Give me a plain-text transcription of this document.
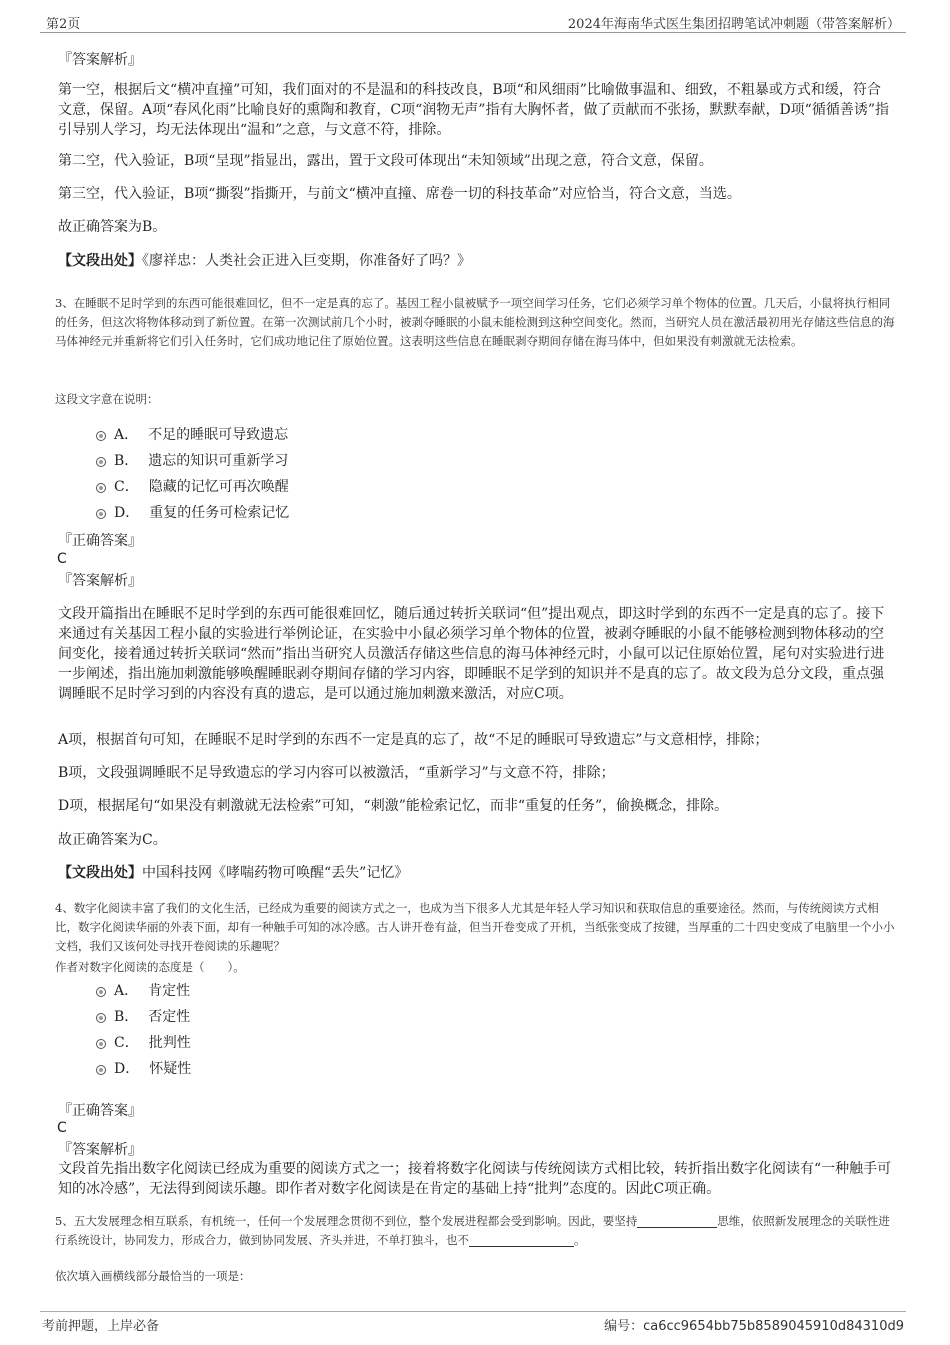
第2页	2024年海南华式医生集团招聘笔试冲刺题（带答案解析）

『答案解析』

第一空，根据后文“横冲直撞”可知，我们面对的不是温和的科技改良，B项“和风细雨”比喻做事温和、细致，不粗暴或方式和缓，符合文意，保留。A项“春风化雨”比喻良好的熏陶和教育，C项“润物无声”指有大胸怀者，做了贡献而不张扬，默默奉献，D项“循循善诱”指引导别人学习，均无法体现出“温和”之意，与文意不符，排除。

第二空，代入验证，B项“呈现”指显出，露出，置于文段可体现出“未知领域”出现之意，符合文意，保留。

第三空，代入验证，B项“撕裂”指撕开，与前文“横冲直撞、席卷一切的科技革命”对应恰当，符合文意，当选。

故正确答案为B。

【文段出处】《廖祥忠：人类社会正进入巨变期，你准备好了吗？》

3、在睡眠不足时学到的东西可能很难回忆，但不一定是真的忘了。基因工程小鼠被赋予一项空间学习任务，它们必须学习单个物体的位置。几天后，小鼠将执行相同的任务，但这次将物体移动到了新位置。在第一次测试前几个小时，被剥夺睡眠的小鼠未能检测到这种空间变化。然而，当研究人员在激活最初用光存储这些信息的海马体神经元并重新将它们引入任务时，它们成功地记住了原始位置。这表明这些信息在睡眠剥夺期间存储在海马体中，但如果没有刺激就无法检索。

这段文字意在说明：

A． 不足的睡眠可导致遗忘
B． 遗忘的知识可重新学习
C． 隐藏的记忆可再次唤醒
D． 重复的任务可检索记忆

『正确答案』

C

『答案解析』

文段开篇指出在睡眠不足时学到的东西可能很难回忆，随后通过转折关联词“但”提出观点，即这时学到的东西不一定是真的忘了。接下来通过有关基因工程小鼠的实验进行举例论证，在实验中小鼠必须学习单个物体的位置，被剥夺睡眠的小鼠不能够检测到物体移动的空间变化，接着通过转折关联词“然而”指出当研究人员激活存储这些信息的海马体神经元时，小鼠可以记住原始位置，尾句对实验进行进一步阐述，指出施加刺激能够唤醒睡眠剥夺期间存储的学习内容，即睡眠不足学到的知识并不是真的忘了。故文段为总分文段，重点强调睡眠不足时学习到的内容没有真的遗忘，是可以通过施加刺激来激活，对应C项。

A项，根据首句可知，在睡眠不足时学到的东西不一定是真的忘了，故“不足的睡眠可导致遗忘”与文意相悖，排除；

B项，文段强调睡眠不足导致遗忘的学习内容可以被激活，“重新学习”与文意不符，排除；

D项，根据尾句“如果没有刺激就无法检索”可知，“刺激”能检索记忆，而非“重复的任务”，偷换概念，排除。

故正确答案为C。

【文段出处】中国科技网《哮喘药物可唤醒“丢失”记忆》

4、数字化阅读丰富了我们的文化生活，已经成为重要的阅读方式之一，也成为当下很多人尤其是年轻人学习知识和获取信息的重要途径。然而，与传统阅读方式相比，数字化阅读华丽的外表下面，却有一种触手可知的冰冷感。古人讲开卷有益，但当开卷变成了开机，当纸张变成了按键，当厚重的二十四史变成了电脑里一个小小文档，我们又该何处寻找开卷阅读的乐趣呢？

作者对数字化阅读的态度是（　　）。

A． 肯定性
B． 否定性
C． 批判性
D． 怀疑性

『正确答案』

C

『答案解析』

文段首先指出数字化阅读已经成为重要的阅读方式之一；接着将数字化阅读与传统阅读方式相比较，转折指出数字化阅读有“一种触手可知的冰冷感”，无法得到阅读乐趣。即作者对数字化阅读是在肯定的基础上持“批判”态度的。因此C项正确。

5、五大发展理念相互联系，有机统一，任何一个发展理念贯彻不到位，整个发展进程都会受到影响。因此，要坚持	思维，依照新发展理念的关联性进行系统设计，协同发力，形成合力，做到协同发展、齐头并进，不单打独斗，也不	。

依次填入画横线部分最恰当的一项是：

考前押题，上岸必备	编号：ca6cc9654bb75b8589045910d84310d9
